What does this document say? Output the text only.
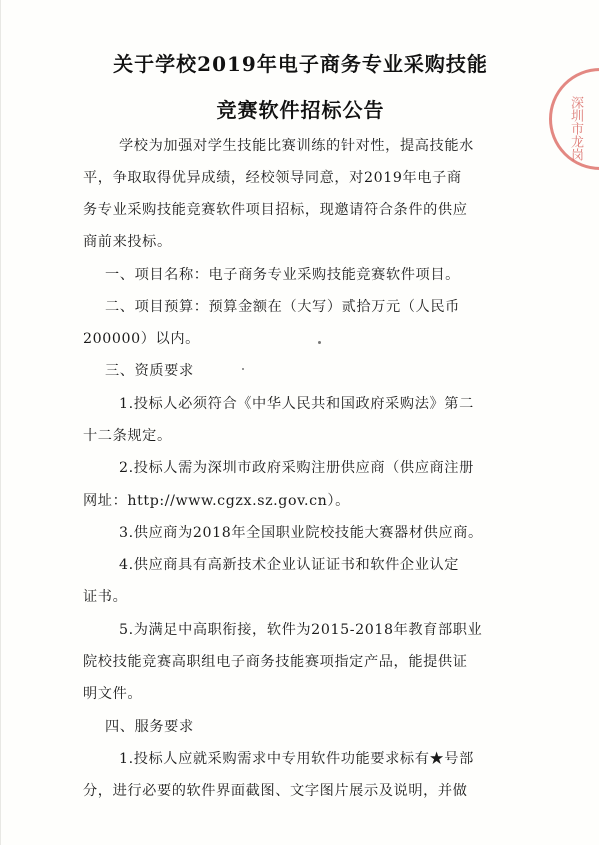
关于学校2019年电子商务专业采购技能
竞赛软件招标公告	深圳市龙岗
学校为加强对学生技能比赛训练的针对性，提高技能水
平，争取取得优异成绩，经校领导同意，对2019年电子商
务专业采购技能竞赛软件项目招标，现邀请符合条件的供应
商前来投标。
一、项目名称：电子商务专业采购技能竞赛软件项目。
二、项目预算：预算金额在（大写）贰拾万元（人民币
200000）以内。
三、资质要求
1.投标人必须符合《中华人民共和国政府采购法》第二
十二条规定。
2.投标人需为深圳市政府采购注册供应商（供应商注册
网址：http://www.cgzx.sz.gov.cn）。
3.供应商为2018年全国职业院校技能大赛器材供应商。
4.供应商具有高新技术企业认证证书和软件企业认定
证书。
5.为满足中高职衔接，软件为2015-2018年教育部职业
院校技能竞赛高职组电子商务技能赛项指定产品，能提供证
明文件。
四、服务要求
1.投标人应就采购需求中专用软件功能要求标有★号部
分，进行必要的软件界面截图、文字图片展示及说明，并做
